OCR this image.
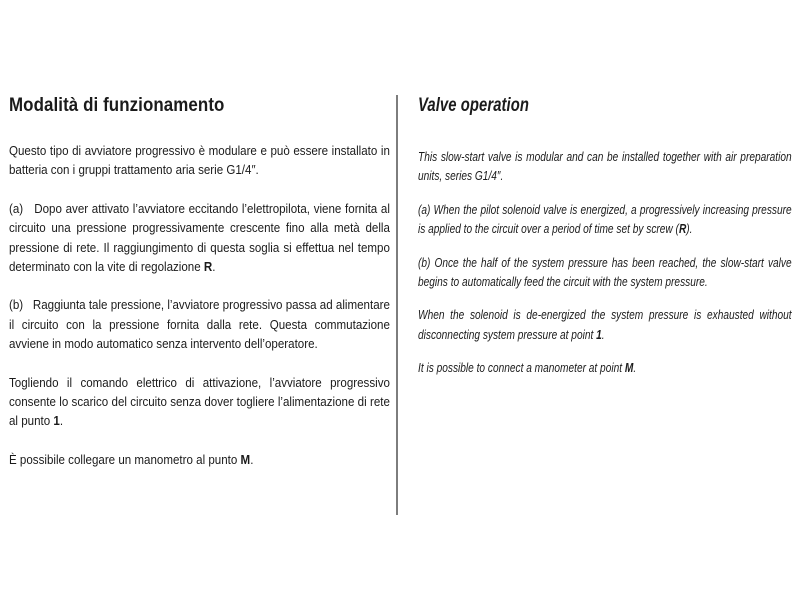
Modalità di funzionamento

Questo tipo di avviatore progressivo è modulare e può essere installato in batteria con i gruppi trattamento aria serie G1/4″.

(a)   Dopo aver attivato l’avviatore eccitando l’elettropilota, viene fornita al circuito una pressione progressivamente crescente fino alla metà della pressione di rete. Il raggiungimento di questa soglia si effettua nel tempo determinato con la vite di regolazione R.

(b)   Raggiunta tale pressione, l’avviatore progressivo passa ad alimentare il circuito con la pressione fornita dalla rete. Questa commutazione avviene in modo automatico senza intervento dell’operatore.

Togliendo il comando elettrico di attivazione, l’avviatore progressivo consente lo scarico del circuito senza dover togliere l’alimentazione di rete al punto 1.

È possibile collegare un manometro al punto M.

Valve operation

This slow-start valve is modular and can be installed together with air preparation units, series G1/4″.

(a) When the pilot solenoid valve is energized, a progressively increasing pressure is applied to the circuit over a period of time set by screw (R).

(b) Once the half of the system pressure has been reached, the slow-start valve begins to automatically feed the circuit with the system pressure.

When the solenoid is de-energized the system pressure is exhausted without disconnecting system pressure at point 1.

It is possible to connect a manometer at point M.
